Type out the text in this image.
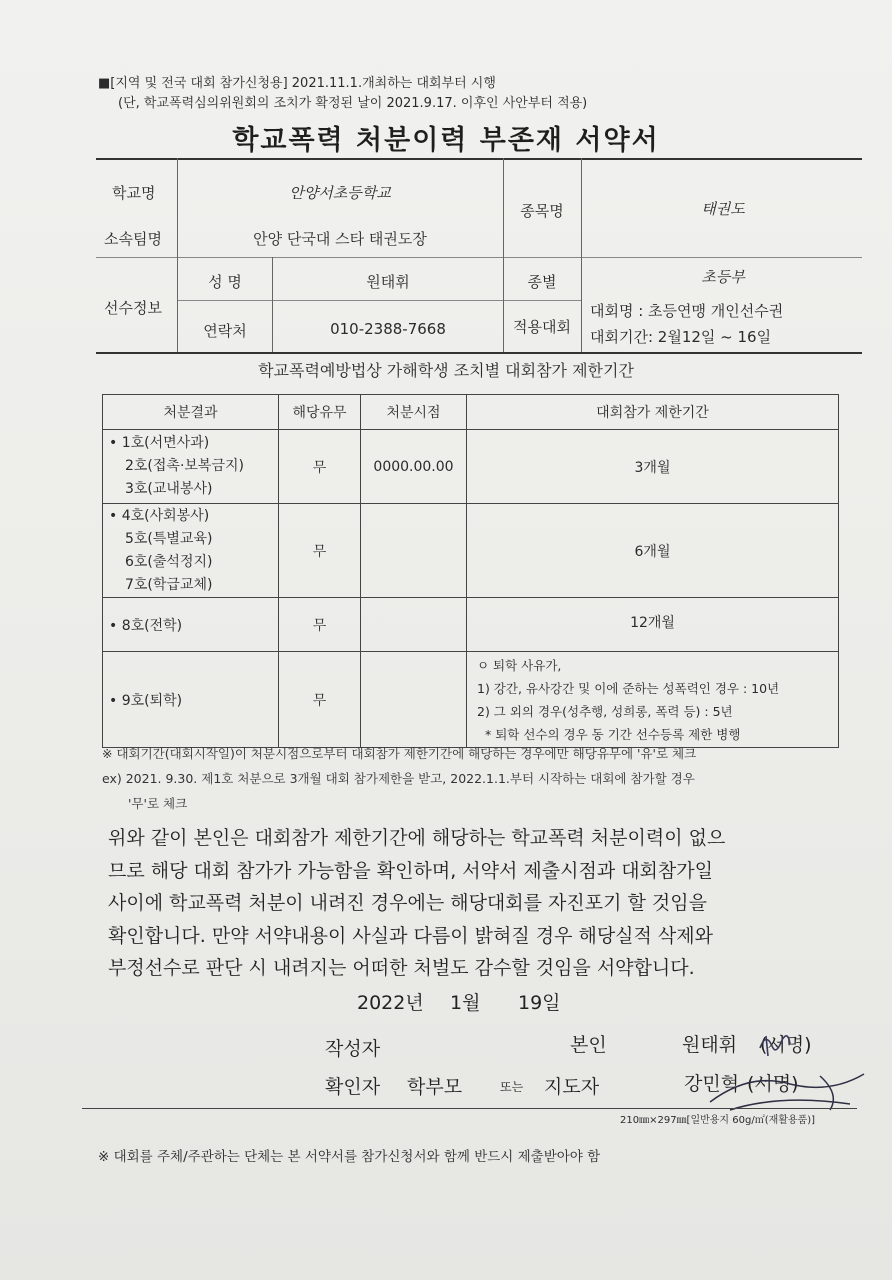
■[지역 및 전국 대회 참가신청용] 2021.11.1.개최하는 대회부터 시행
(단, 학교폭력심의위원회의 조치가 확정된 날이 2021.9.17. 이후인 사안부터 적용)
학교폭력 처분이력 부존재 서약서
학교명	안양서초등학교
소속팀명	안양 단국대 스타 태권도장
종목명	태권도
선수정보
성 명	원태휘	종별	초등부
연락처	010-2388-7668	적용대회
대회명 : 초등연맹 개인선수권
대회기간: 2월12일 ~ 16일
학교폭력예방법상 가해학생 조치별 대회참가 제한기간
처분결과	해당유무	처분시점	대회참가 제한기간

• 1호(서면사과)
2호(접촉·보복금지)
3호(교내봉사)	무	0000.00.00	3개월

• 4호(사회봉사)
5호(특별교육)
6호(출석정지)
7호(학급교체)	무		6개월

• 8호(전학)	무		12개월

• 9호(퇴학)	무		ㅇ 퇴학 사유가,
1) 강간, 유사강간 및 이에 준하는 성폭력인 경우 : 10년
2) 그 외의 경우(성추행, 성희롱, 폭력 등) : 5년
* 퇴학 선수의 경우 동 기간 선수등록 제한 병행
※ 대회기간(대회시작일)이 처분시점으로부터 대회참가 제한기간에 해당하는 경우에만 해당유무에 '유'로 체크
ex) 2021. 9.30. 제1호 처분으로 3개월 대회 참가제한을 받고, 2022.1.1.부터 시작하는 대회에 참가할 경우
'무'로 체크
위와 같이 본인은 대회참가 제한기간에 해당하는 학교폭력 처분이력이 없으
므로 해당 대회 참가가 가능함을 확인하며, 서약서 제출시점과 대회참가일
사이에 학교폭력 처분이 내려진 경우에는 해당대회를 자진포기 할 것임을
확인합니다. 만약 서약내용이 사실과 다름이 밝혀질 경우 해당실적 삭제와
부정선수로 판단 시 내려지는 어떠한 처벌도 감수할 것임을 서약합니다.
2022년 1월 19일
작성자	본인	원태휘 (서명)
확인자 학부모	또는 지도자	강민혁 (서명)
210㎜×297㎜[일반용지 60g/㎡(재활용품)]
※ 대회를 주체/주관하는 단체는 본 서약서를 참가신청서와 함께 반드시 제출받아야 함
